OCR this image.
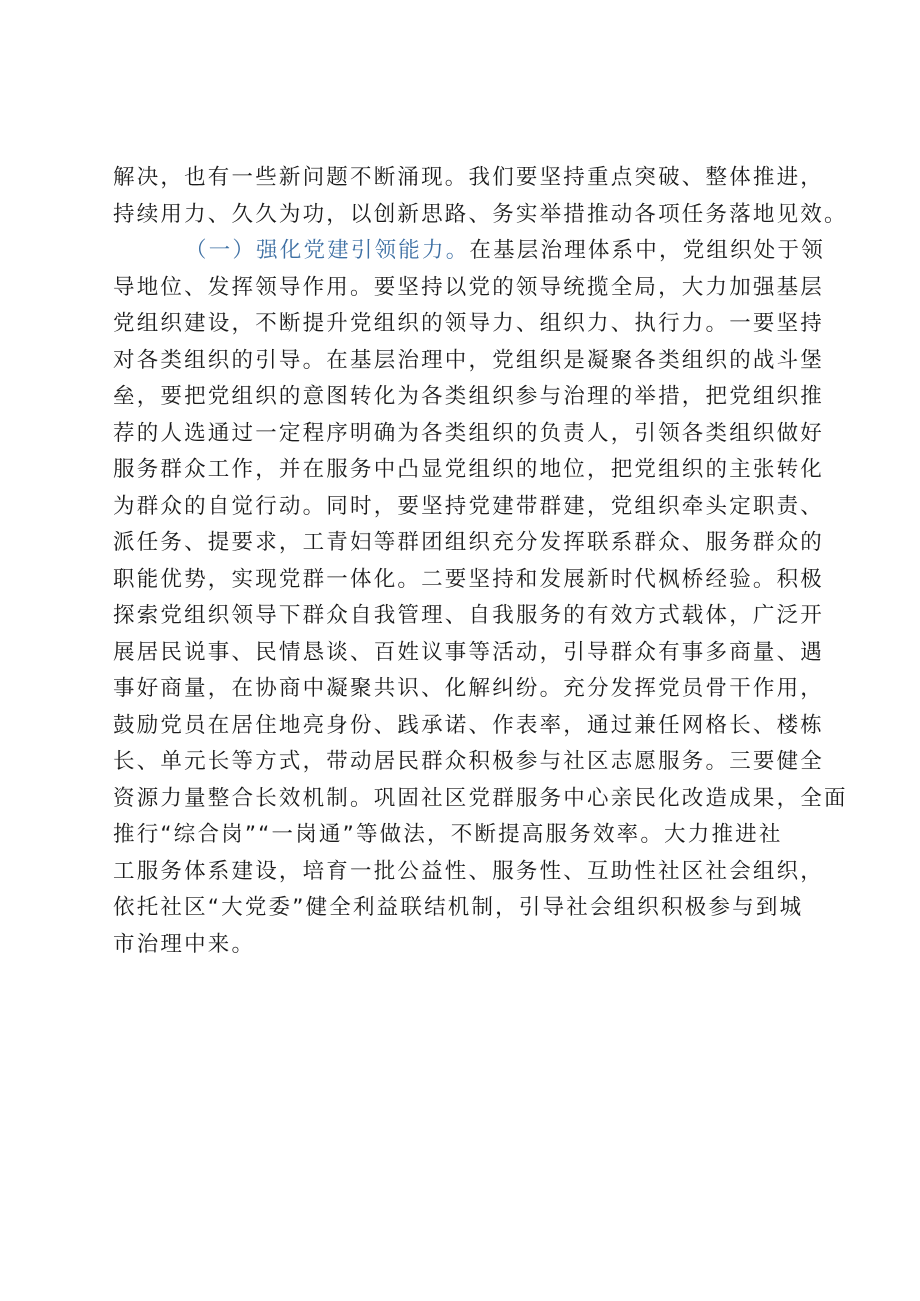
解决，也有一些新问题不断涌现。我们要坚持重点突破、整体推进，
持续用力、久久为功，以创新思路、务实举措推动各项任务落地见效。
（一）强化党建引领能力。在基层治理体系中，党组织处于领
导地位、发挥领导作用。要坚持以党的领导统揽全局，大力加强基层
党组织建设，不断提升党组织的领导力、组织力、执行力。一要坚持
对各类组织的引导。在基层治理中，党组织是凝聚各类组织的战斗堡
垒，要把党组织的意图转化为各类组织参与治理的举措，把党组织推
荐的人选通过一定程序明确为各类组织的负责人，引领各类组织做好
服务群众工作，并在服务中凸显党组织的地位，把党组织的主张转化
为群众的自觉行动。同时，要坚持党建带群建，党组织牵头定职责、
派任务、提要求，工青妇等群团组织充分发挥联系群众、服务群众的
职能优势，实现党群一体化。二要坚持和发展新时代枫桥经验。积极
探索党组织领导下群众自我管理、自我服务的有效方式载体，广泛开
展居民说事、民情恳谈、百姓议事等活动，引导群众有事多商量、遇
事好商量，在协商中凝聚共识、化解纠纷。充分发挥党员骨干作用，
鼓励党员在居住地亮身份、践承诺、作表率，通过兼任网格长、楼栋
长、单元长等方式，带动居民群众积极参与社区志愿服务。三要健全
资源力量整合长效机制。巩固社区党群服务中心亲民化改造成果，全面
推行“综合岗”“一岗通”等做法，不断提高服务效率。大力推进社
工服务体系建设，培育一批公益性、服务性、互助性社区社会组织，
依托社区“大党委”健全利益联结机制，引导社会组织积极参与到城
市治理中来。
